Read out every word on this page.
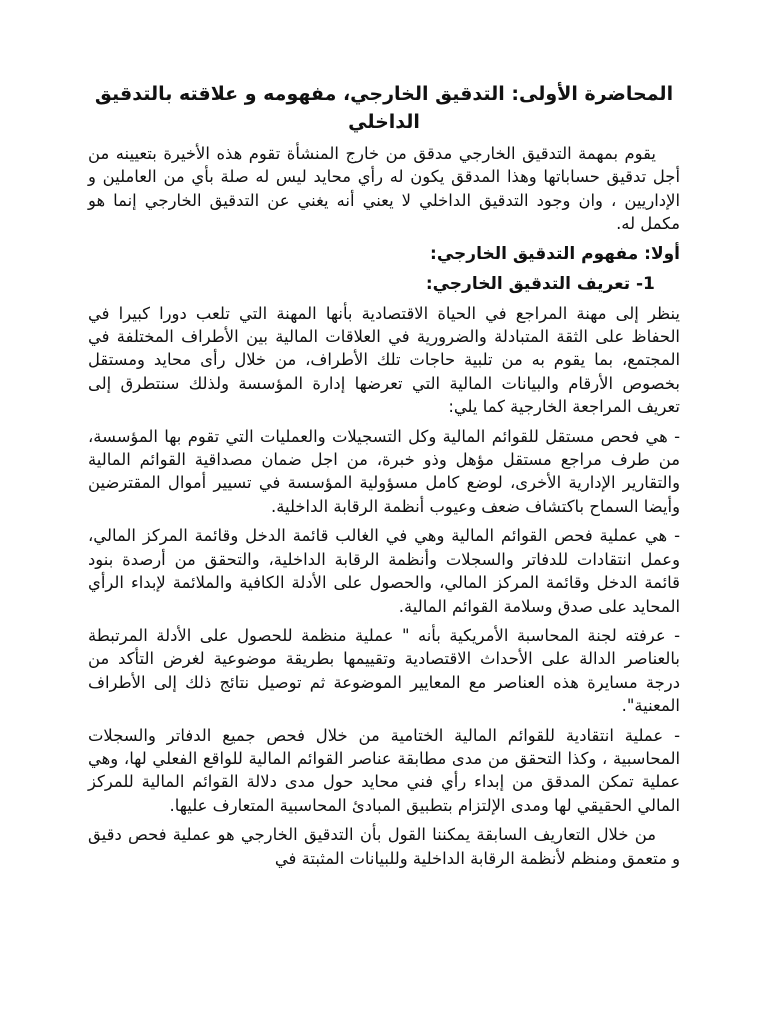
المحاضرة الأولى: التدقيق الخارجي، مفهومه و علاقته بالتدقيق الداخلي

يقوم بمهمة التدقيق الخارجي مدقق من خارج المنشأة تقوم هذه الأخيرة بتعيينه من أجل تدقيق حساباتها وهذا المدقق يكون له رأي محايد ليس له صلة بأي من العاملين و الإداريين ، وان وجود التدقيق الداخلي لا يعني أنه يغني عن التدقيق الخارجي إنما هو مكمل له.

أولا: مفهوم التدقيق الخارجي:
-1 تعريف التدقيق الخارجي:

ينظر إلى مهنة المراجع في الحياة الاقتصادية بأنها المهنة التي تلعب دورا كبيرا في الحفاظ على الثقة المتبادلة والضرورية في العلاقات المالية بين الأطراف المختلفة في المجتمع، بما يقوم به من تلبية حاجات تلك الأطراف، من خلال رأى محايد ومستقل بخصوص الأرقام والبيانات المالية التي تعرضها إدارة المؤسسة ولذلك سنتطرق إلى تعريف المراجعة الخارجية كما يلي:

- هي فحص مستقل للقوائم المالية وكل التسجيلات والعمليات التي تقوم بها المؤسسة، من طرف مراجع مستقل مؤهل وذو خبرة، من اجل ضمان مصداقية القوائم المالية والتقارير الإدارية الأخرى، لوضع كامل مسؤولية المؤسسة في تسيير أموال المقترضين وأيضا السماح باكتشاف ضعف وعيوب أنظمة الرقابة الداخلية.

- هي عملية فحص القوائم المالية وهي في الغالب قائمة الدخل وقائمة المركز المالي، وعمل انتقادات للدفاتر والسجلات وأنظمة الرقابة الداخلية، والتحقق من أرصدة بنود قائمة الدخل وقائمة المركز المالي، والحصول على الأدلة الكافية والملائمة لإبداء الرأي المحايد على صدق وسلامة القوائم المالية.

- عرفته لجنة المحاسبة الأمريكية بأنه " عملية منظمة للحصول على الأدلة المرتبطة بالعناصر الدالة على الأحداث الاقتصادية وتقييمها بطريقة موضوعية لغرض التأكد من درجة مسايرة هذه العناصر مع المعايير الموضوعة ثم توصيل نتائج ذلك إلى الأطراف المعنية".

- عملية انتقادية للقوائم المالية الختامية من خلال فحص جميع الدفاتر والسجلات المحاسبية ، وكذا التحقق من مدى مطابقة عناصر القوائم المالية للواقع الفعلي لها، وهي عملية تمكن المدقق من إبداء رأي فني محايد حول مدى دلالة القوائم المالية للمركز المالي الحقيقي لها ومدى الإلتزام بتطبيق المبادئ المحاسبية المتعارف عليها.

من خلال التعاريف السابقة يمكننا القول بأن التدقيق الخارجي هو عملية فحص دقيق و متعمق ومنظم لأنظمة الرقابة الداخلية وللبيانات المثبتة في
